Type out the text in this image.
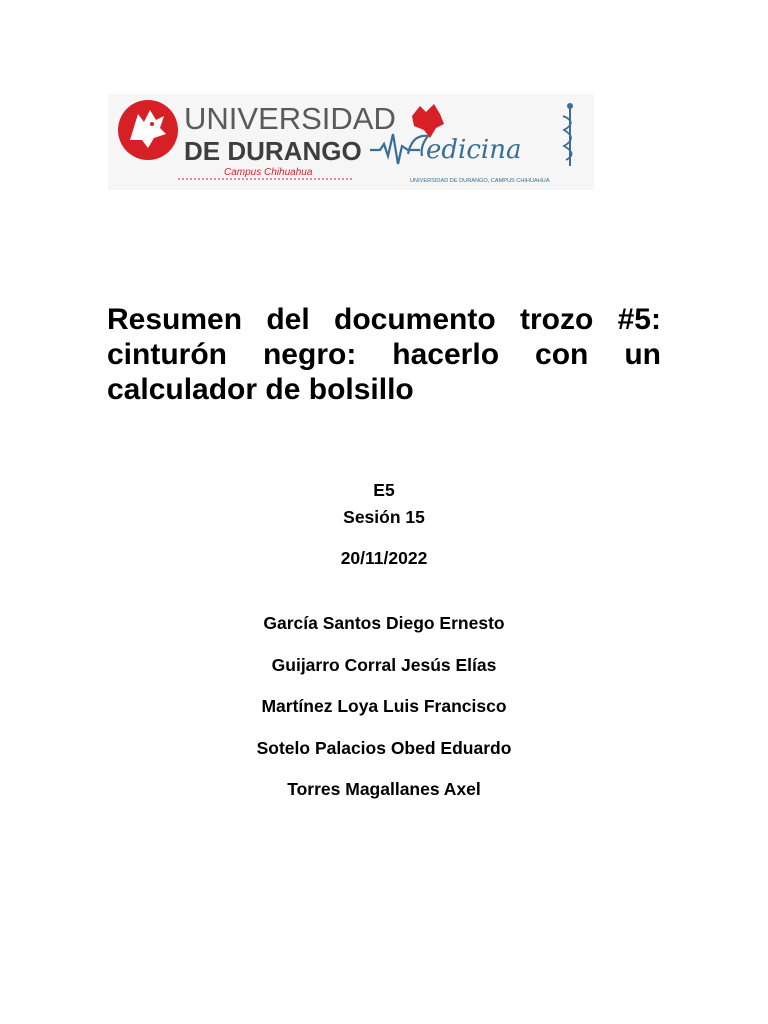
UNIVERSIDAD
DE DURANGO
Campus Chihuahua
edicina
UNIVERSIDAD DE DURANGO, CAMPUS CHIHUAHUA
Resumen del documento trozo #5: cinturón negro: hacerlo con un calculador de bolsillo
E5
Sesión 15
20/11/2022
García Santos Diego Ernesto
Guijarro Corral Jesús Elías
Martínez Loya Luis Francisco
Sotelo Palacios Obed Eduardo
Torres Magallanes Axel
